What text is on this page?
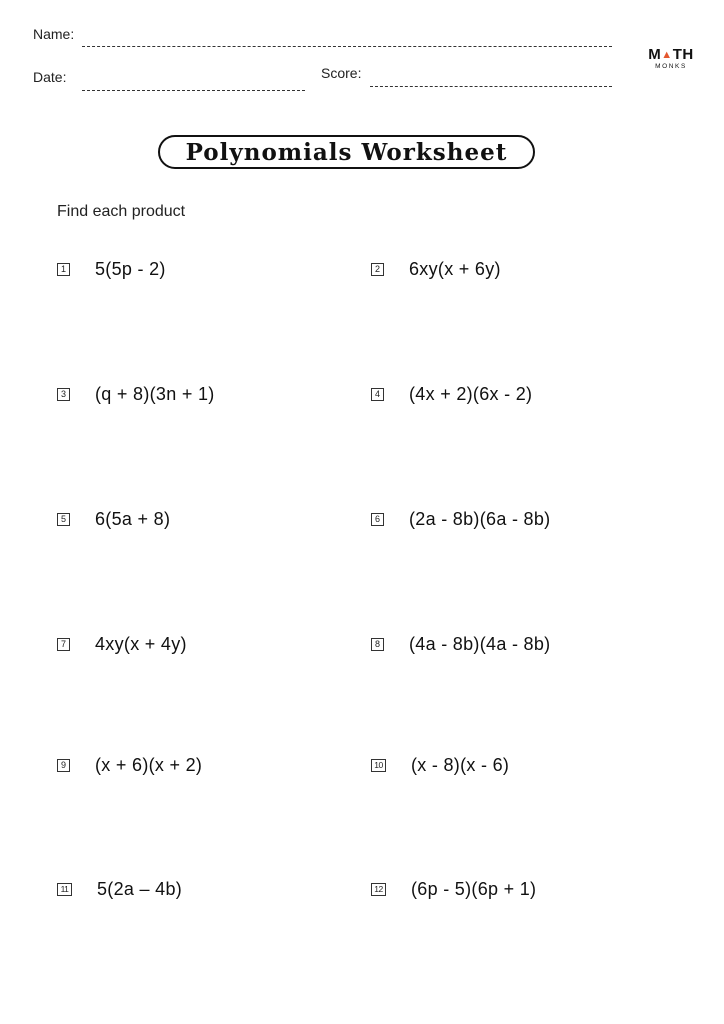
Name:
Date:	Score:
M▲TH
MONKS
Polynomials Worksheet
Find each product
1 5(5p - 2)	2 6xy(x + 6y)
3 (q + 8)(3n + 1)	4 (4x + 2)(6x - 2)
5 6(5a + 8)	6 (2a - 8b)(6a - 8b)
7 4xy(x + 4y)	8 (4a - 8b)(4a - 8b)
9 (x + 6)(x + 2)	10 (x - 8)(x - 6)
11 5(2a – 4b)	12 (6p - 5)(6p + 1)
